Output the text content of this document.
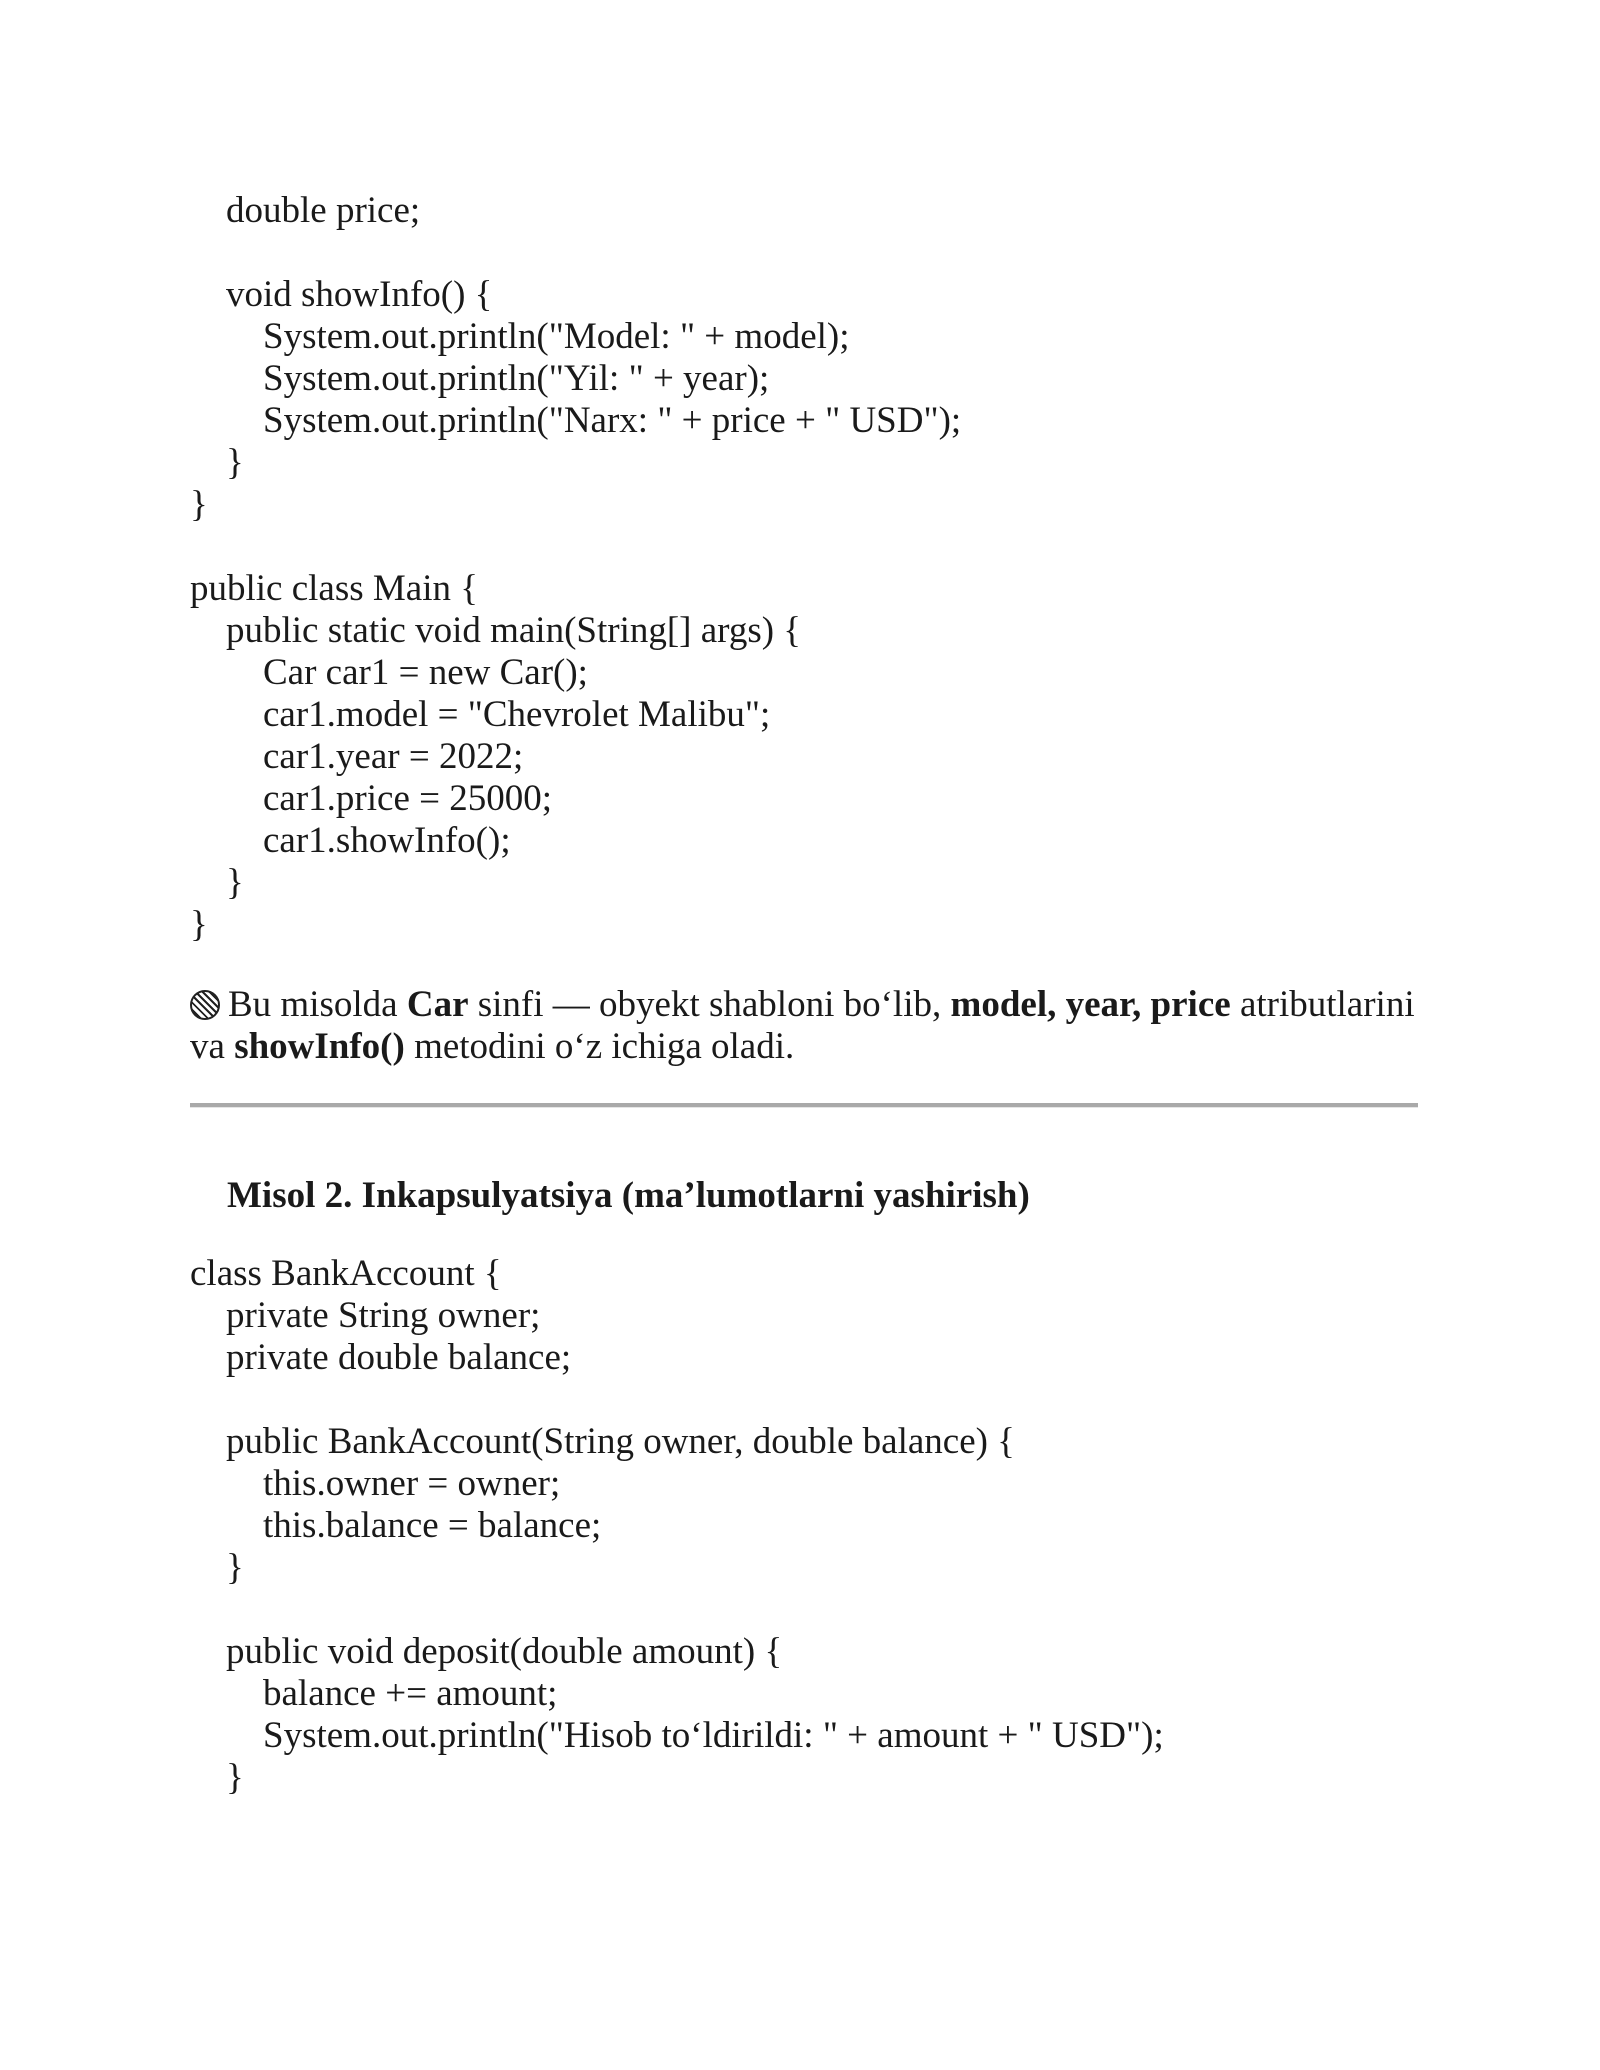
double price;
void showInfo() {
System.out.println("Model: " + model);
System.out.println("Yil: " + year);
System.out.println("Narx: " + price + " USD");
}
}
public class Main {
public static void main(String[] args) {
Car car1 = new Car();
car1.model = "Chevrolet Malibu";
car1.year = 2022;
car1.price = 25000;
car1.showInfo();
}
}
Bu misolda Car sinfi — obyekt shabloni bo‘lib, model, year, price atributlarini va showInfo() metodini o‘z ichiga oladi.
Misol 2. Inkapsulyatsiya (ma’lumotlarni yashirish)
class BankAccount {
private String owner;
private double balance;
public BankAccount(String owner, double balance) {
this.owner = owner;
this.balance = balance;
}
public void deposit(double amount) {
balance += amount;
System.out.println("Hisob to‘ldirildi: " + amount + " USD");
}
